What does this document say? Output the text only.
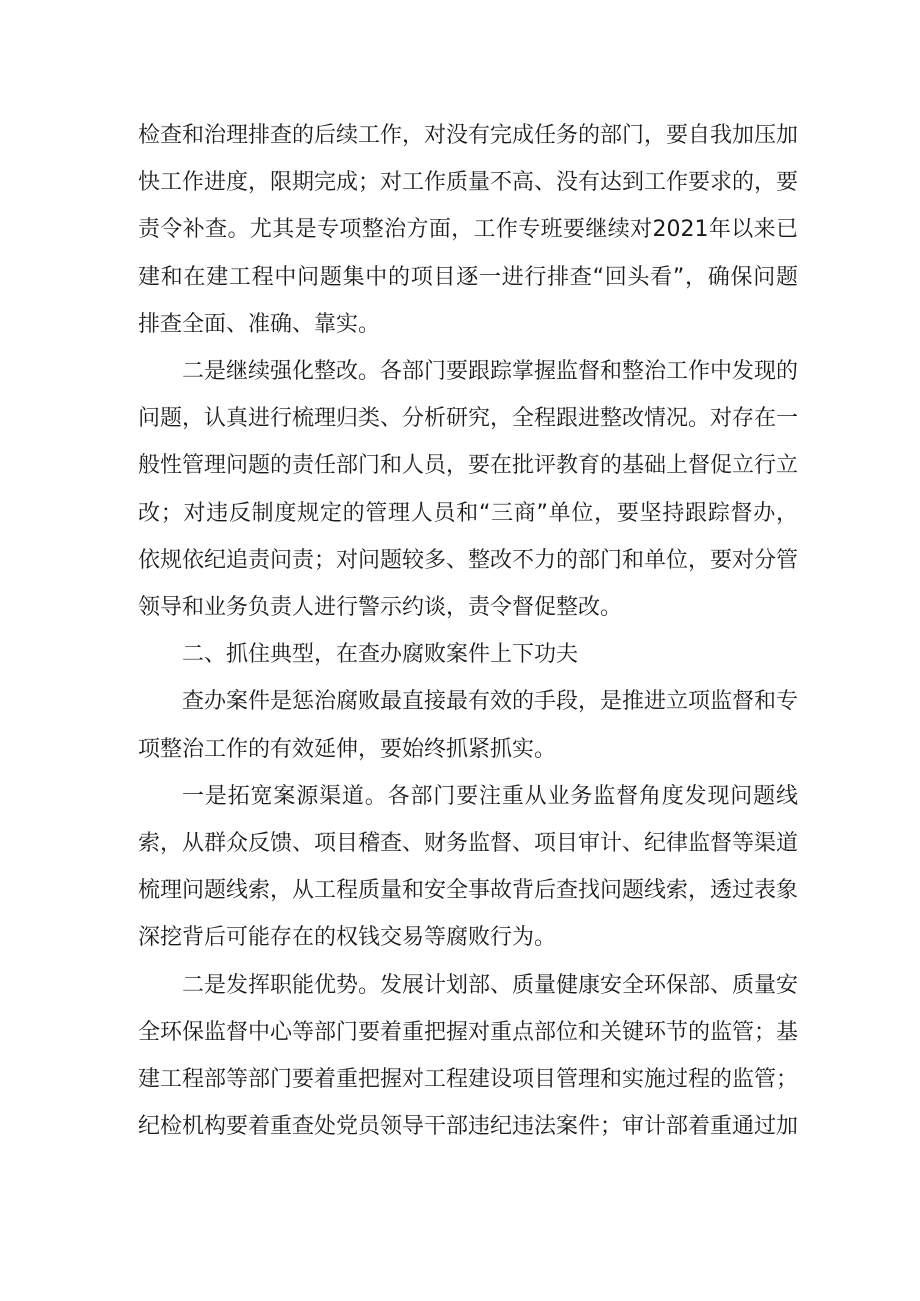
检查和治理排查的后续工作，对没有完成任务的部门，要自我加压加快工作进度，限期完成；对工作质量不高、没有达到工作要求的，要责令补查。尤其是专项整治方面，工作专班要继续对2021年以来已建和在建工程中问题集中的项目逐一进行排查“回头看”，确保问题排查全面、准确、靠实。

二是继续强化整改。各部门要跟踪掌握监督和整治工作中发现的问题，认真进行梳理归类、分析研究，全程跟进整改情况。对存在一般性管理问题的责任部门和人员，要在批评教育的基础上督促立行立改；对违反制度规定的管理人员和“三商”单位，要坚持跟踪督办，依规依纪追责问责；对问题较多、整改不力的部门和单位，要对分管领导和业务负责人进行警示约谈，责令督促整改。

二、抓住典型，在查办腐败案件上下功夫

查办案件是惩治腐败最直接最有效的手段，是推进立项监督和专项整治工作的有效延伸，要始终抓紧抓实。

一是拓宽案源渠道。各部门要注重从业务监督角度发现问题线索，从群众反馈、项目稽查、财务监督、项目审计、纪律监督等渠道梳理问题线索，从工程质量和安全事故背后查找问题线索，透过表象深挖背后可能存在的权钱交易等腐败行为。

二是发挥职能优势。发展计划部、质量健康安全环保部、质量安全环保监督中心等部门要着重把握对重点部位和关键环节的监管；基建工程部等部门要着重把握对工程建设项目管理和实施过程的监管；纪检机构要着重查处党员领导干部违纪违法案件；审计部着重通过加
